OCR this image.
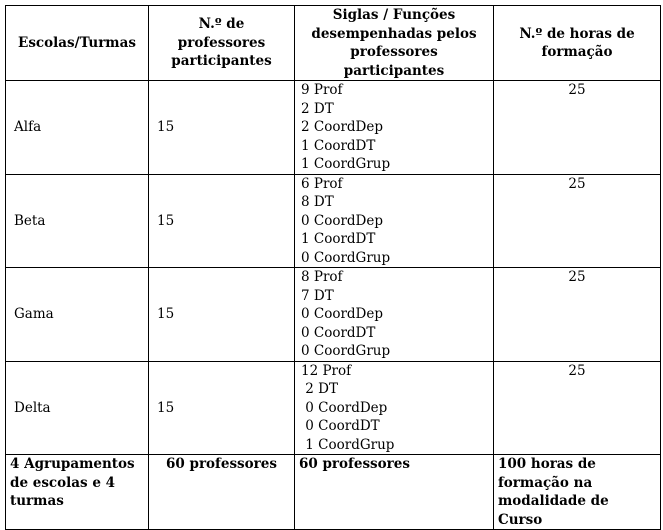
Escolas/Turmas	N.º de professores participantes	Siglas / Funções desempenhadas pelos professores participantes	N.º de horas de formação
Alfa	15	9 Prof
2 DT
2 CoordDep
1 CoordDT
1 CoordGrup	25
Beta	15	6 Prof
8 DT
0 CoordDep
1 CoordDT
0 CoordGrup	25
Gama	15	8 Prof
7 DT
0 CoordDep
0 CoordDT
0 CoordGrup	25
Delta	15	12 Prof
2 DT
0 CoordDep
0 CoordDT
1 CoordGrup	25
4 Agrupamentos de escolas e 4 turmas	60 professores	60 professores	100 horas de formação na modalidade de Curso
